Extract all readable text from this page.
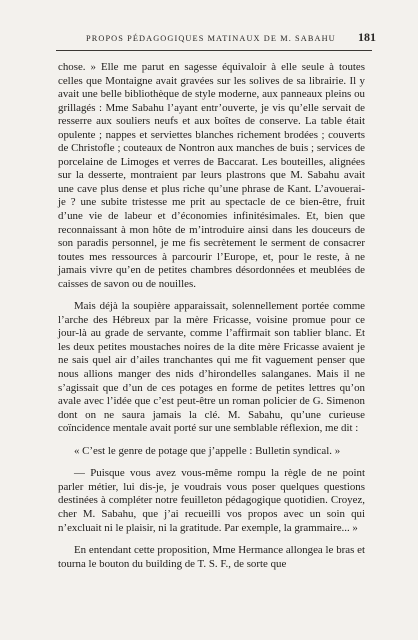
PROPOS PÉDAGOGIQUES MATINAUX DE M. SABAHU 181

chose. » Elle me parut en sagesse équivaloir à elle seule à toutes celles que Montaigne avait gravées sur les solives de sa librairie. Il y avait une belle bibliothèque de style moderne, aux panneaux pleins ou grillagés : Mme Sabahu l’ayant entr’ouverte, je vis qu’elle servait de resserre aux souliers neufs et aux boîtes de conserve. La table était opulente ; nappes et serviettes blanches richement brodées ; couverts de Christofle ; couteaux de Nontron aux manches de buis ; services de porcelaine de Limoges et verres de Baccarat. Les bouteilles, alignées sur la desserte, montraient par leurs plastrons que M. Sabahu avait une cave plus dense et plus riche qu’une phrase de Kant. L’avouerai-je ? une subite tristesse me prit au spectacle de ce bien-être, fruit d’une vie de labeur et d’économies infinitésimales. Et, bien que reconnaissant à mon hôte de m’introduire ainsi dans les douceurs de son paradis personnel, je me fis secrètement le serment de consacrer toutes mes ressources à parcourir l’Europe, et, pour le reste, à ne jamais vivre qu’en de petites chambres désordonnées et meublées de caisses de savon ou de nouilles.

Mais déjà la soupière apparaissait, solennellement portée comme l’arche des Hébreux par la mère Fricasse, voisine promue pour ce jour-là au grade de servante, comme l’affirmait son tablier blanc. Et les deux petites moustaches noires de la dite mère Fricasse avaient je ne sais quel air d’ailes tranchantes qui me fit vaguement penser que nous allions manger des nids d’hirondelles salanganes. Mais il ne s’agissait que d’un de ces potages en forme de petites lettres qu’on avale avec l’idée que c’est peut-être un roman policier de G. Simenon dont on ne saura jamais la clé. M. Sabahu, qu’une curieuse coïncidence mentale avait porté sur une semblable réflexion, me dit :

« C’est le genre de potage que j’appelle : Bulletin syndical. »

— Puisque vous avez vous-même rompu la règle de ne point parler métier, lui dis-je, je voudrais vous poser quelques questions destinées à compléter notre feuilleton pédagogique quotidien. Croyez, cher M. Sabahu, que j’ai recueilli vos propos avec un soin qui n’excluait ni le plaisir, ni la gratitude. Par exemple, la grammaire... »

En entendant cette proposition, Mme Hermance allongea le bras et tourna le bouton du building de T. S. F., de sorte que
